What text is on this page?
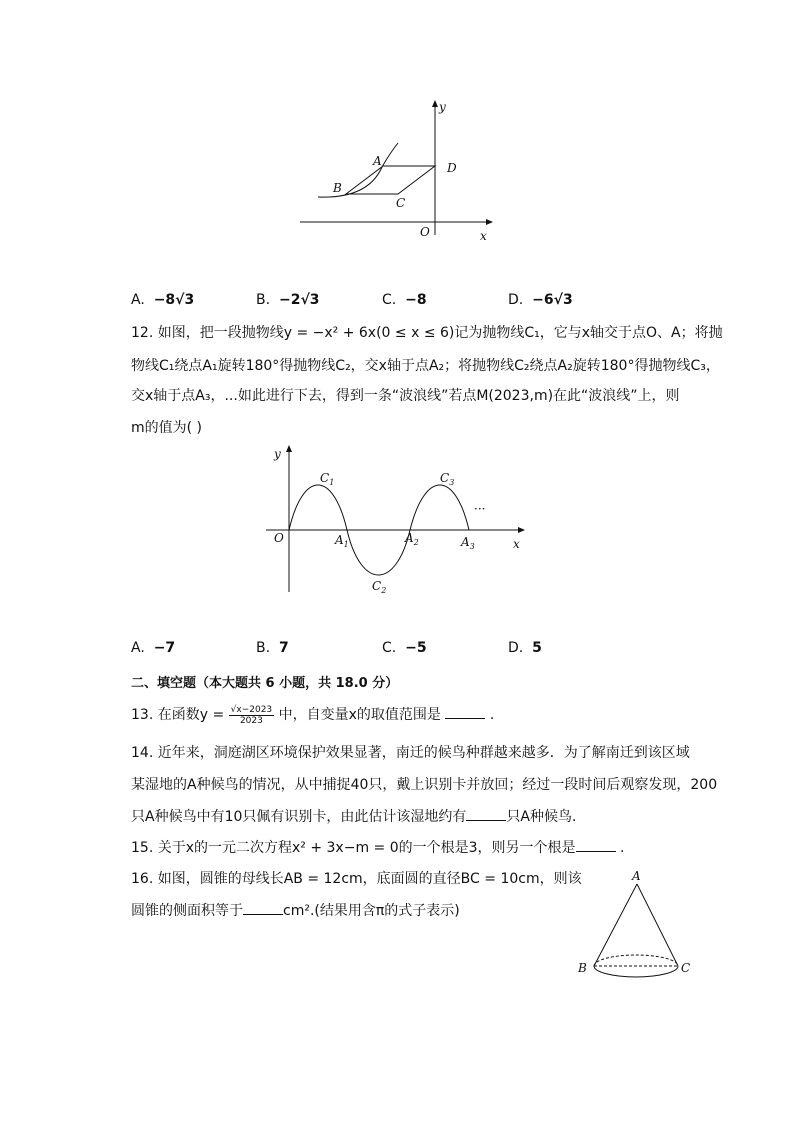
y
x
O
A
B
C
D
A. −8√3	B. −2√3	C. −8	D. −6√3
12. 如图，把一段抛物线y = −x² + 6x(0 ≤ x ≤ 6)记为抛物线C₁，它与x轴交于点O、A；将抛
物线C₁绕点A₁旋转180°得抛物线C₂，交x轴于点A₂；将抛物线C₂绕点A₂旋转180°得抛物线C₃，
交x轴于点A₃，...如此进行下去，得到一条“波浪线”若点M(2023,m)在此“波浪线”上，则
m的值为( )
y
x
O
$C_1$
$C_2$
$C_3$
$A_1$	$A_2$	$A_3$
···
A. −7	B. 7	C. −5	D. 5
二、填空题（本大题共 6 小题，共 18.0 分）
13. 在函数$y = \frac{√x-2023}{2023}$ 中，自变量x的取值范围是	.
14. 近年来，洞庭湖区环境保护效果显著，南迁的候鸟种群越来越多．为了解南迁到该区域
某湿地的A种候鸟的情况，从中捕捉40只，戴上识别卡并放回；经过一段时间后观察发现，200
只A种候鸟中有10只佩有识别卡，由此估计该湿地约有	只A种候鸟．
15. 关于x的一元二次方程x² + 3x−m = 0的一个根是3，则另一个根是	.
16. 如图，圆锥的母线长AB = 12cm，底面圆的直径BC = 10cm，则该
圆锥的侧面积等于	cm².(结果用含π的式子表示)
A
B	C
